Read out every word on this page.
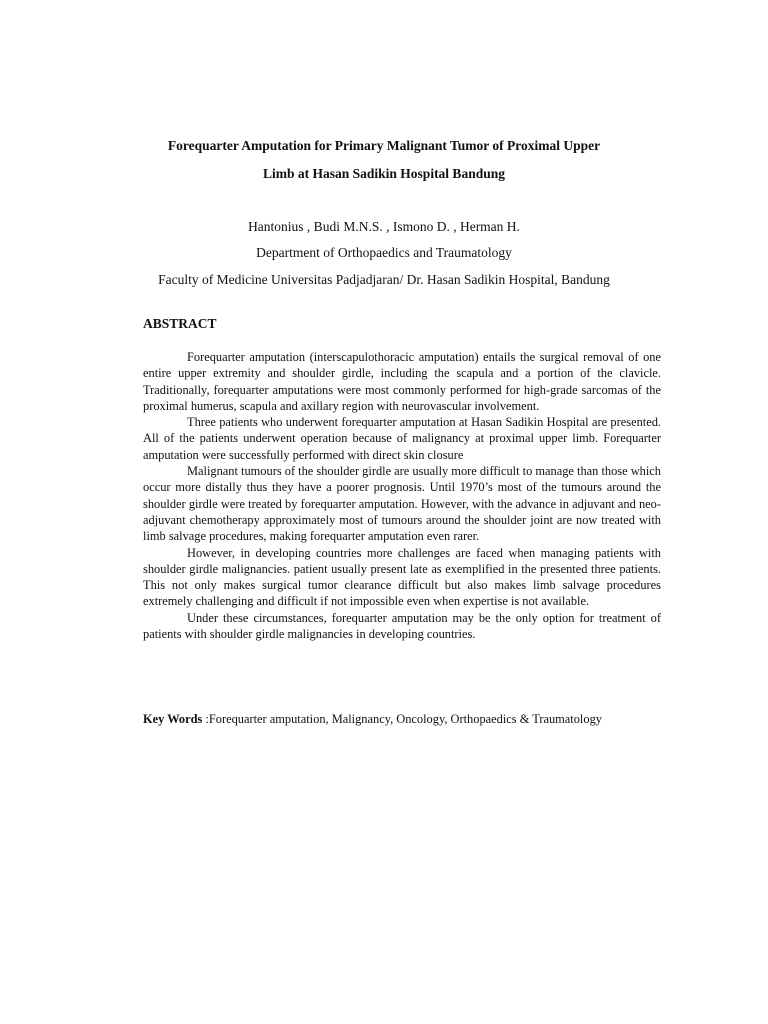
Forequarter Amputation for Primary Malignant Tumor of Proximal Upper
Limb at Hasan Sadikin Hospital Bandung

Hantonius , Budi M.N.S. , Ismono D. , Herman H.

Department of Orthopaedics and Traumatology

Faculty of Medicine Universitas Padjadjaran/ Dr. Hasan Sadikin Hospital, Bandung

ABSTRACT

Forequarter amputation (interscapulothoracic amputation) entails the surgical removal of one entire upper extremity and shoulder girdle, including the scapula and a portion of the clavicle. Traditionally, forequarter amputations were most commonly performed for high-grade sarcomas of the proximal humerus, scapula and axillary region with neurovascular involvement.

Three patients who underwent forequarter amputation at Hasan Sadikin Hospital are presented. All of the patients underwent operation because of malignancy at proximal upper limb. Forequarter amputation were successfully performed with direct skin closure

Malignant tumours of the shoulder girdle are usually more difficult to manage than those which occur more distally thus they have a poorer prognosis. Until 1970’s most of the tumours around the shoulder girdle were treated by forequarter amputation. However, with the advance in adjuvant and neo-adjuvant chemotherapy approximately most of tumours around the shoulder joint are now treated with limb salvage procedures, making forequarter amputation even rarer.

However, in developing countries more challenges are faced when managing patients with shoulder girdle malignancies. patient usually present late as exemplified in the presented three patients. This not only makes surgical tumor clearance difficult but also makes limb salvage procedures extremely challenging and difficult if not impossible even when expertise is not available.

Under these circumstances, forequarter amputation may be the only option for treatment of patients with shoulder girdle malignancies in developing countries.

Key Words :Forequarter amputation, Malignancy, Oncology, Orthopaedics & Traumatology
